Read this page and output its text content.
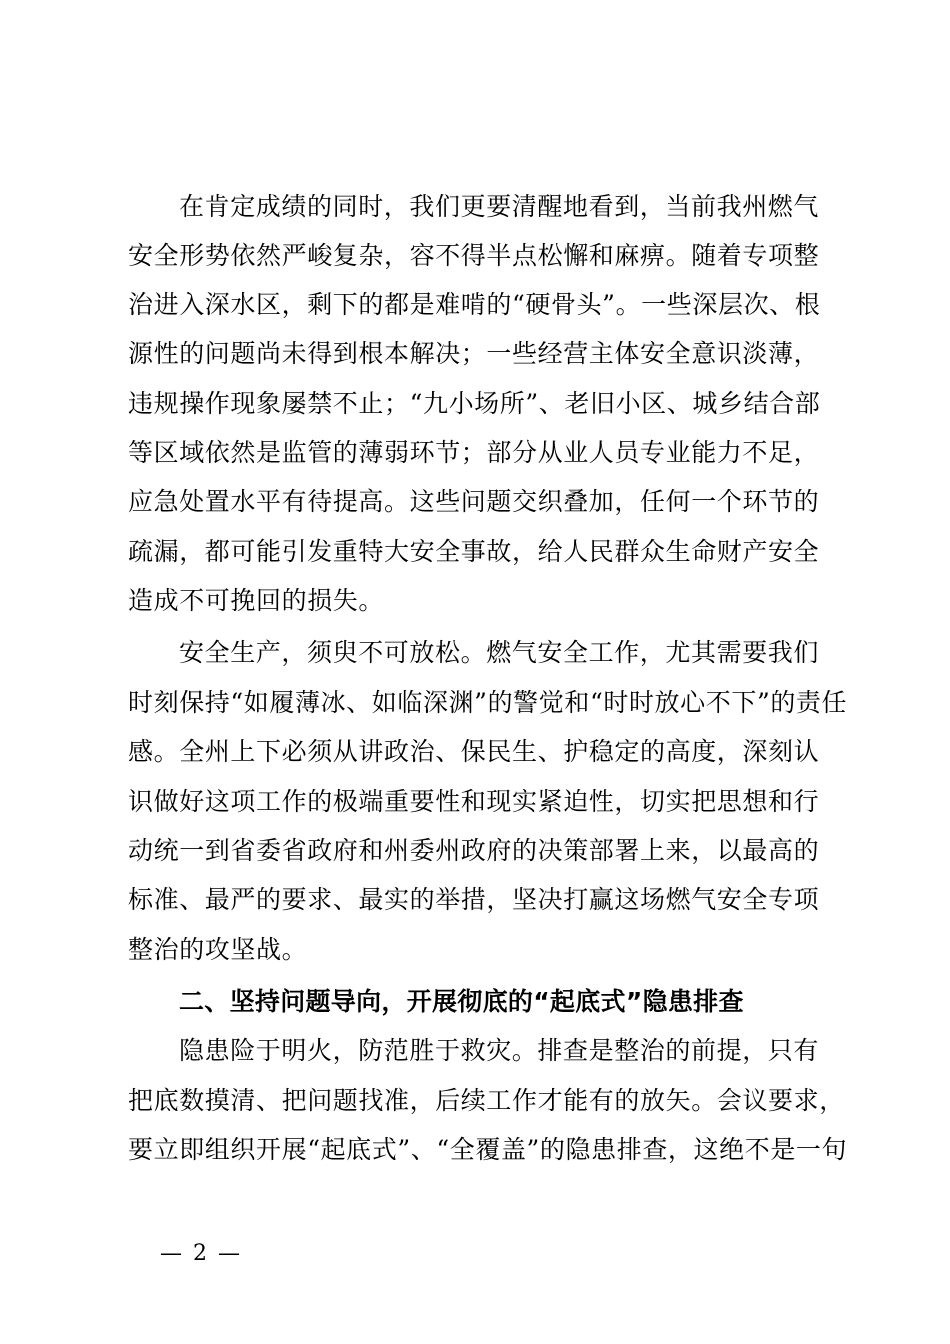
在肯定成绩的同时，我们更要清醒地看到，当前我州燃气
安全形势依然严峻复杂，容不得半点松懈和麻痹。随着专项整
治进入深水区，剩下的都是难啃的“硬骨头”。一些深层次、根
源性的问题尚未得到根本解决；一些经营主体安全意识淡薄，
违规操作现象屡禁不止；“九小场所”、老旧小区、城乡结合部
等区域依然是监管的薄弱环节；部分从业人员专业能力不足，
应急处置水平有待提高。这些问题交织叠加，任何一个环节的
疏漏，都可能引发重特大安全事故，给人民群众生命财产安全
造成不可挽回的损失。
安全生产，须臾不可放松。燃气安全工作，尤其需要我们
时刻保持“如履薄冰、如临深渊”的警觉和“时时放心不下”的责任
感。全州上下必须从讲政治、保民生、护稳定的高度，深刻认
识做好这项工作的极端重要性和现实紧迫性，切实把思想和行
动统一到省委省政府和州委州政府的决策部署上来，以最高的
标准、最严的要求、最实的举措，坚决打赢这场燃气安全专项
整治的攻坚战。
二、坚持问题导向，开展彻底的“起底式”隐患排查
隐患险于明火，防范胜于救灾。排查是整治的前提，只有
把底数摸清、把问题找准，后续工作才能有的放矢。会议要求，
要立即组织开展“起底式”、“全覆盖”的隐患排查，这绝不是一句
— 2 —
